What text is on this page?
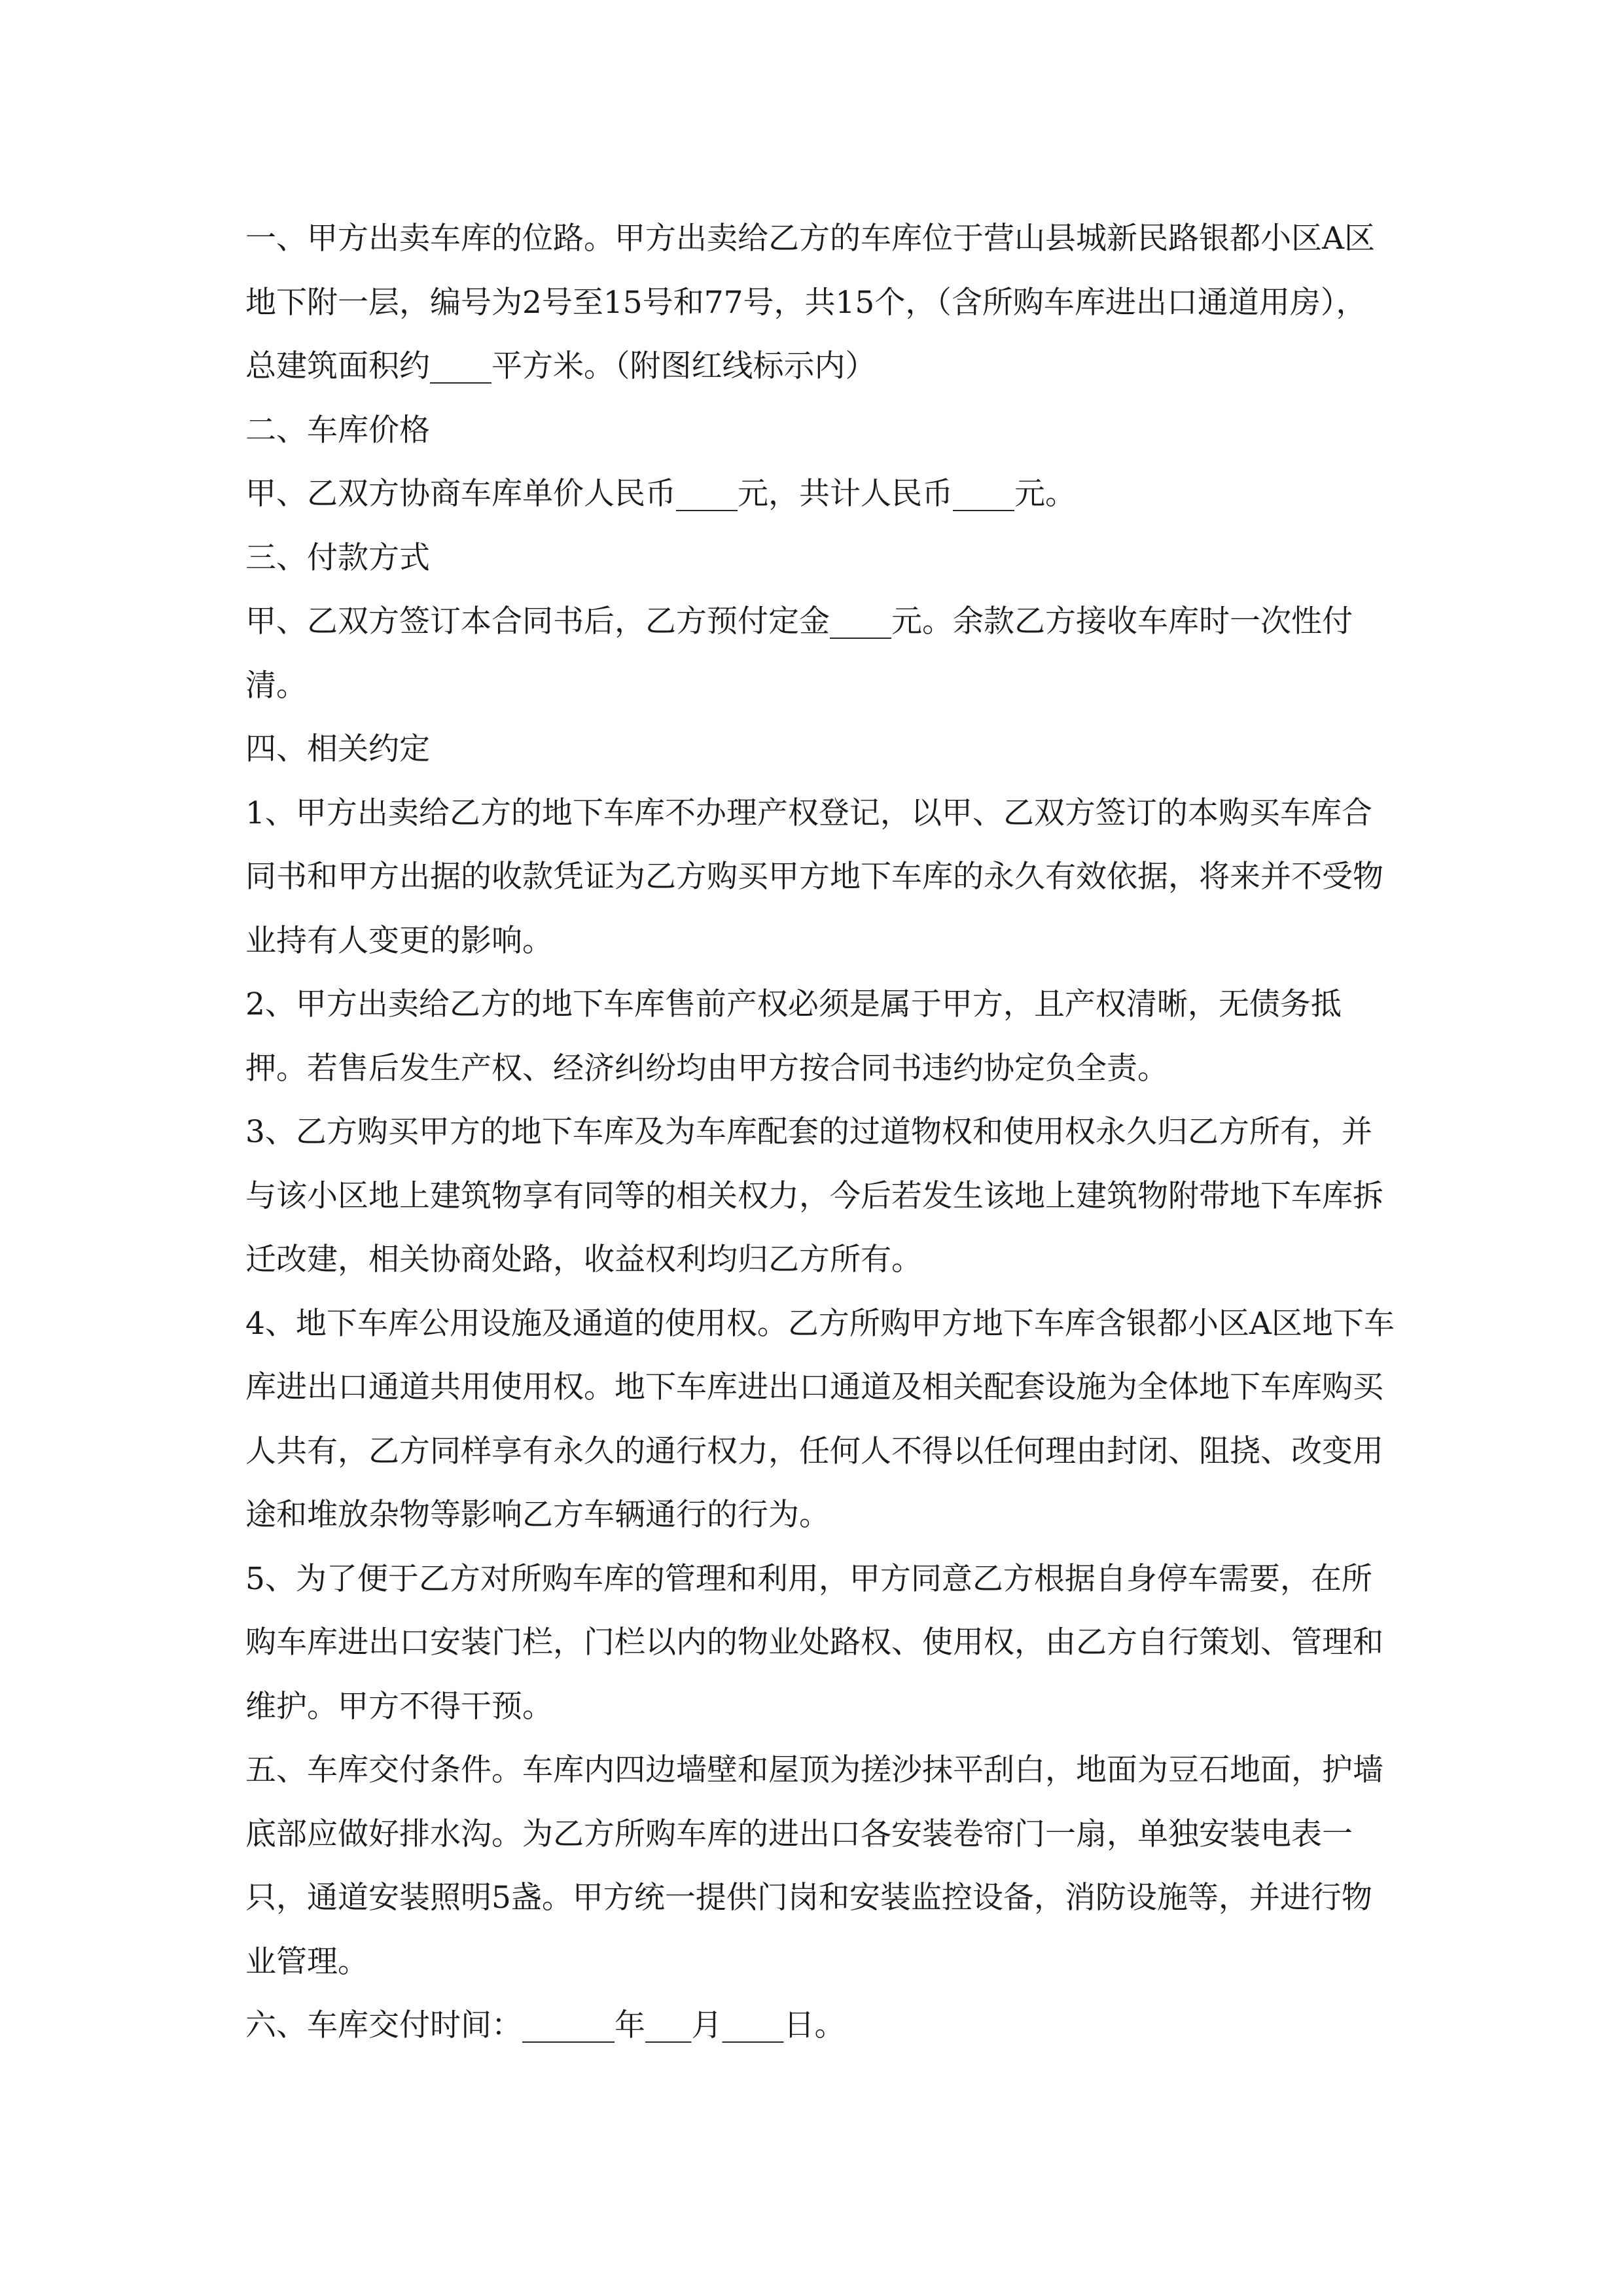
一、甲方出卖车库的位路。甲方出卖给乙方的车库位于营山县城新民路银都小区A区地下附一层，编号为2号至15号和77号，共15个，（含所购车库进出口通道用房），总建筑面积约____平方米。（附图红线标示内）

二、车库价格

甲、乙双方协商车库单价人民币____元，共计人民币____元。

三、付款方式

甲、乙双方签订本合同书后，乙方预付定金____元。余款乙方接收车库时一次性付清。

四、相关约定

1、甲方出卖给乙方的地下车库不办理产权登记，以甲、乙双方签订的本购买车库合同书和甲方出据的收款凭证为乙方购买甲方地下车库的永久有效依据，将来并不受物业持有人变更的影响。

2、甲方出卖给乙方的地下车库售前产权必须是属于甲方，且产权清晰，无债务抵押。若售后发生产权、经济纠纷均由甲方按合同书违约协定负全责。

3、乙方购买甲方的地下车库及为车库配套的过道物权和使用权永久归乙方所有，并与该小区地上建筑物享有同等的相关权力，今后若发生该地上建筑物附带地下车库拆迁改建，相关协商处路，收益权利均归乙方所有。

4、地下车库公用设施及通道的使用权。乙方所购甲方地下车库含银都小区A区地下车库进出口通道共用使用权。地下车库进出口通道及相关配套设施为全体地下车库购买人共有，乙方同样享有永久的通行权力，任何人不得以任何理由封闭、阻挠、改变用途和堆放杂物等影响乙方车辆通行的行为。

5、为了便于乙方对所购车库的管理和利用，甲方同意乙方根据自身停车需要，在所购车库进出口安装门栏，门栏以内的物业处路权、使用权，由乙方自行策划、管理和维护。甲方不得干预。

五、车库交付条件。车库内四边墙壁和屋顶为搓沙抹平刮白，地面为豆石地面，护墙底部应做好排水沟。为乙方所购车库的进出口各安装卷帘门一扇，单独安装电表一只，通道安装照明5盏。甲方统一提供门岗和安装监控设备，消防设施等，并进行物业管理。

六、车库交付时间：______年___月____日。
